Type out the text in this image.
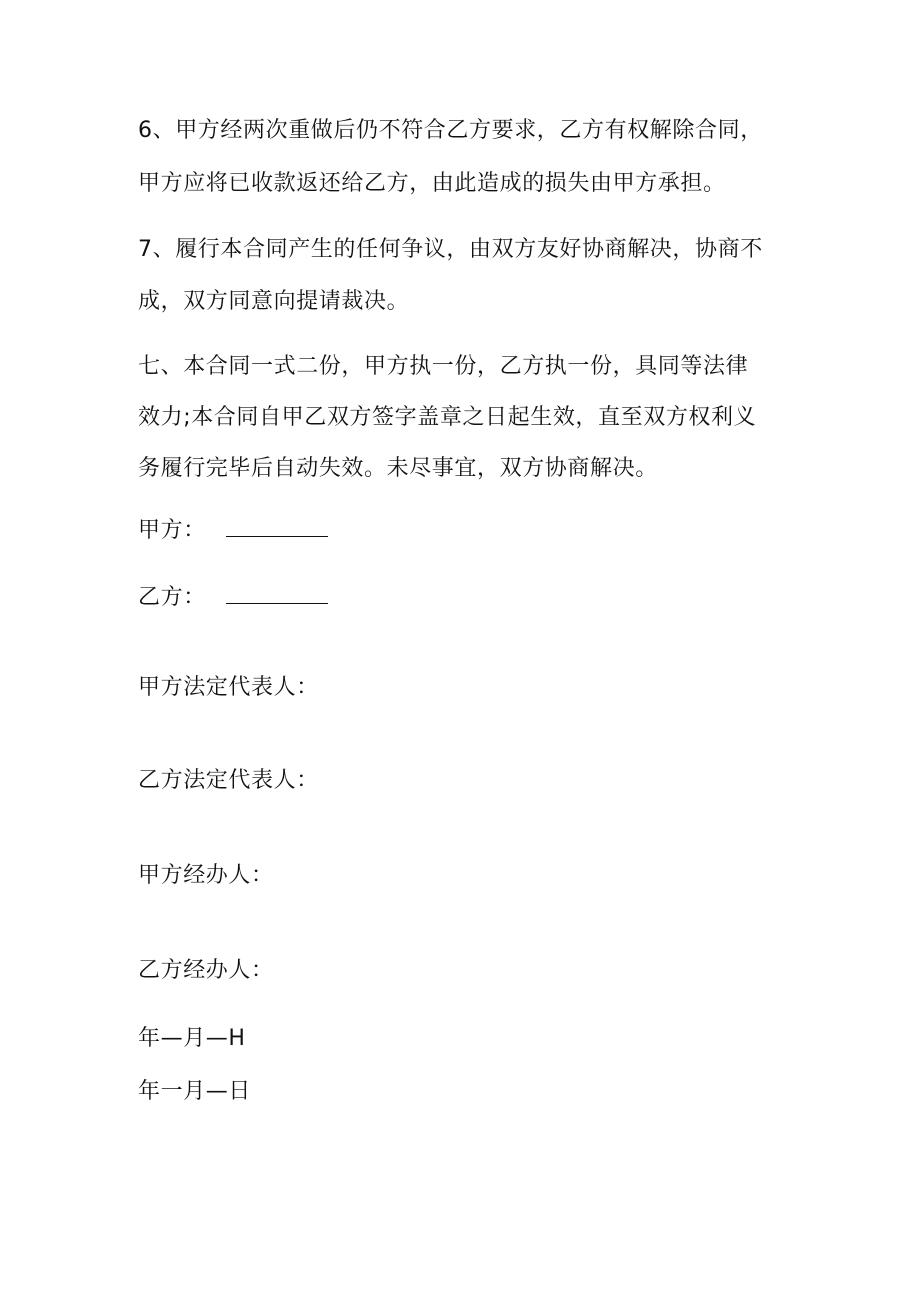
6、甲方经两次重做后仍不符合乙方要求，乙方有权解除合同，
甲方应将已收款返还给乙方，由此造成的损失由甲方承担。
7、履行本合同产生的任何争议，由双方友好协商解决，协商不
成，双方同意向提请裁决。
七、本合同一式二份，甲方执一份，乙方执一份，具同等法律
效力;本合同自甲乙双方签字盖章之日起生效，直至双方权利义
务履行完毕后自动失效。未尽事宜，双方协商解决。
甲方：
乙方：
甲方法定代表人：
乙方法定代表人：
甲方经办人：
乙方经办人：
年—月—H
年一月—日
